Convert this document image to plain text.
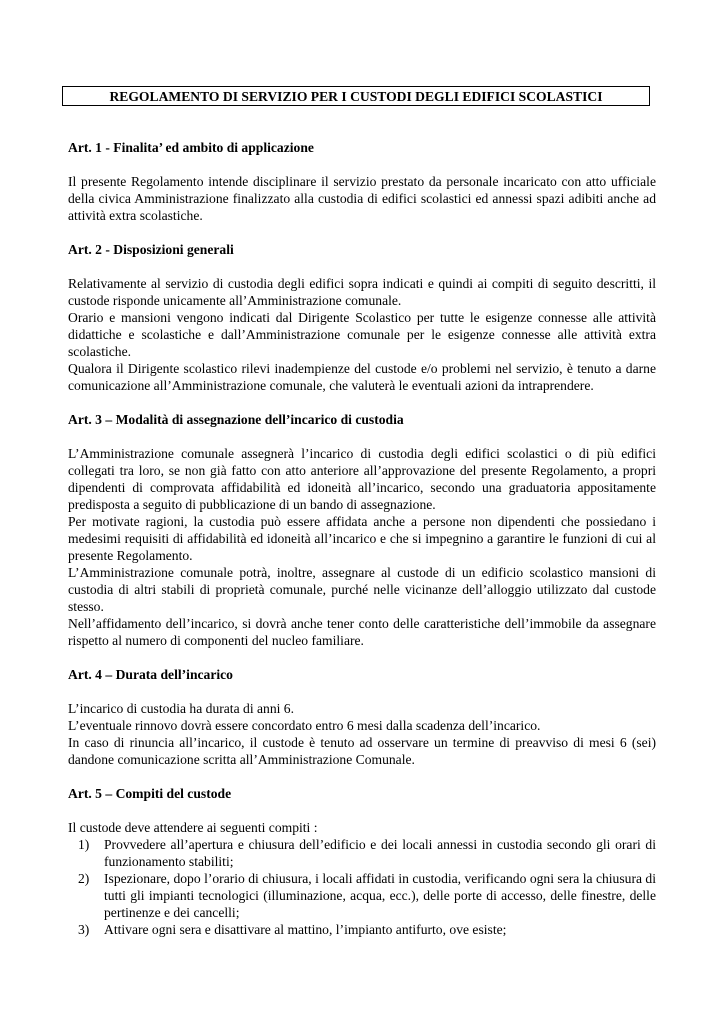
REGOLAMENTO DI SERVIZIO PER I CUSTODI DEGLI EDIFICI SCOLASTICI
Art. 1 - Finalita’ ed ambito di applicazione

Il presente Regolamento intende disciplinare il servizio prestato da personale incaricato con atto ufficiale della civica Amministrazione finalizzato alla custodia di edifici scolastici ed annessi spazi adibiti anche ad attività extra scolastiche.

Art. 2 - Disposizioni generali

Relativamente al servizio di custodia degli edifici sopra indicati e quindi ai compiti di seguito descritti, il custode risponde unicamente all’Amministrazione comunale.

Orario e mansioni vengono indicati dal Dirigente Scolastico per tutte le esigenze connesse alle attività didattiche e scolastiche e dall’Amministrazione comunale per le esigenze connesse alle attività extra scolastiche.

Qualora il Dirigente scolastico rilevi inadempienze del custode e/o problemi nel servizio, è tenuto a darne comunicazione all’Amministrazione comunale, che valuterà le eventuali azioni da intraprendere.

Art. 3 – Modalità di assegnazione dell’incarico di custodia

L’Amministrazione comunale assegnerà l’incarico di custodia degli edifici scolastici o di più edifici collegati tra loro, se non già fatto con atto anteriore all’approvazione del presente Regolamento, a propri dipendenti di comprovata affidabilità ed idoneità all’incarico, secondo una graduatoria appositamente predisposta a seguito di pubblicazione di un bando di assegnazione.

Per motivate ragioni, la custodia può essere affidata anche a persone non dipendenti che possiedano i medesimi requisiti di affidabilità ed idoneità all’incarico e che si impegnino a garantire le funzioni di cui al presente Regolamento.

L’Amministrazione comunale potrà, inoltre, assegnare al custode di un edificio scolastico mansioni di custodia di altri stabili di proprietà comunale, purché nelle vicinanze dell’alloggio utilizzato dal custode stesso.

Nell’affidamento dell’incarico, si dovrà anche tener conto delle caratteristiche dell’immobile da assegnare rispetto al numero di componenti del nucleo familiare.

Art. 4 – Durata dell’incarico

L’incarico di custodia ha durata di anni 6.

L’eventuale rinnovo dovrà essere concordato entro 6 mesi dalla scadenza dell’incarico.

In caso di rinuncia all’incarico, il custode è tenuto ad osservare un termine di preavviso di mesi 6 (sei) dandone comunicazione scritta all’Amministrazione Comunale.

Art. 5 – Compiti del custode

Il custode deve attendere ai seguenti compiti :

1) Provvedere all’apertura e chiusura dell’edificio e dei locali annessi in custodia secondo gli orari di funzionamento stabiliti;
2) Ispezionare, dopo l’orario di chiusura, i locali affidati in custodia, verificando ogni sera la chiusura di tutti gli impianti tecnologici (illuminazione, acqua, ecc.), delle porte di accesso, delle finestre, delle pertinenze e dei cancelli;
3) Attivare ogni sera e disattivare al mattino, l’impianto antifurto, ove esiste;
